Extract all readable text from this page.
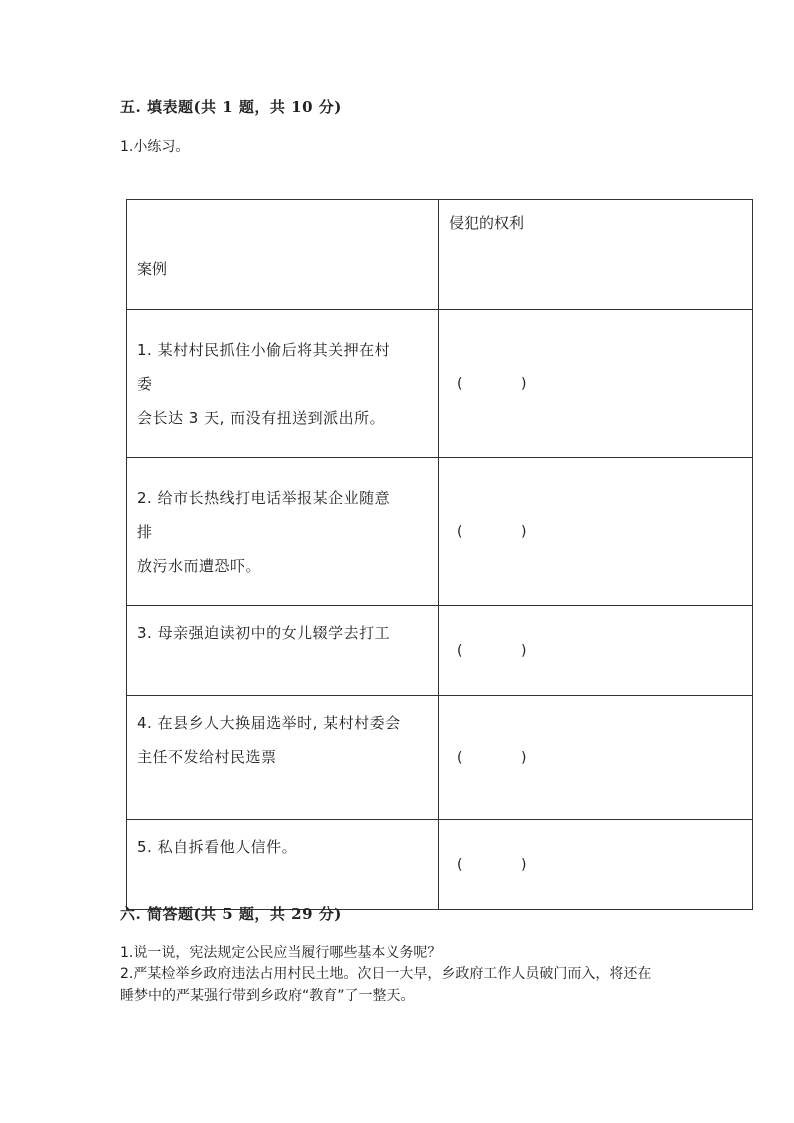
五. 填表题(共 1 题，共 10 分)
1.小练习。
案例	侵犯的权利

1. 某村村民抓住小偷后将其关押在村
委
会长达 3 天, 而没有扭送到派出所。	( )

2. 给市长热线打电话举报某企业随意
排
放污水而遭恐吓。	( )

3. 母亲强迫读初中的女儿辍学去打工	( )

4. 在县乡人大换届选举时, 某村村委会
主任不发给村民选票	( )

5. 私自拆看他人信件。	( )
六. 简答题(共 5 题，共 29 分)
1.说一说，宪法规定公民应当履行哪些基本义务呢？
2.严某检举乡政府违法占用村民土地。次日一大早，乡政府工作人员破门而入，将还在睡梦中的严某强行带到乡政府“教育”了一整天。
